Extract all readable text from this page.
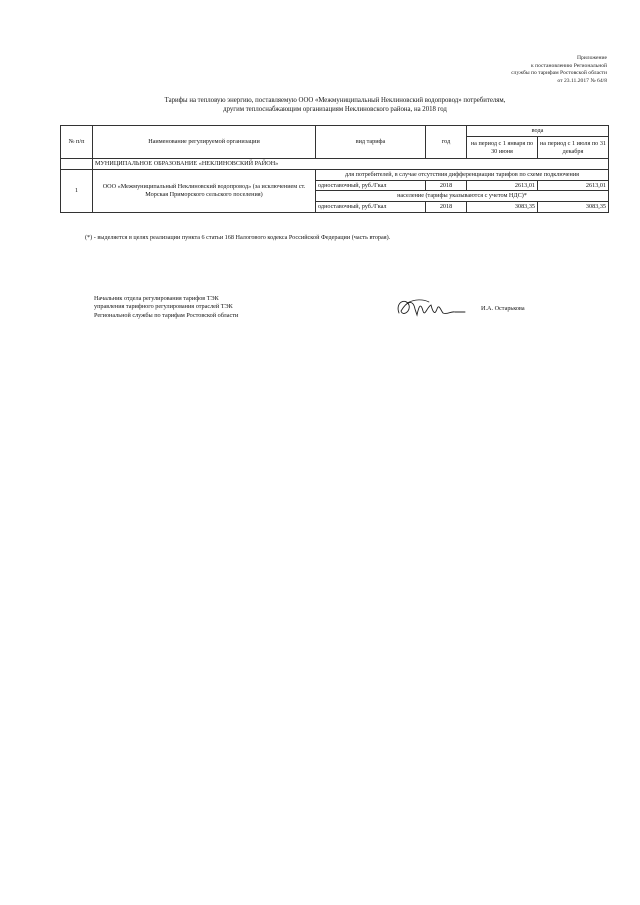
Приложение
к постановлению Региональной
службы по тарифам Ростовской области
от 23.11.2017 № 64/8
Тарифы на тепловую энергию, поставляемую ООО «Межмуниципальный Неклиновский водопровод» потребителям,
другим теплоснабжающим организациям Неклиновского района, на 2018 год
№ п/п	Наименование регулируемой организации	вид тарифа	год	вода	
				на период с 1 января по 30 июня	на период с 1 июля по 31 декабря
	МУНИЦИПАЛЬНОЕ ОБРАЗОВАНИЕ «НЕКЛИНОВСКИЙ РАЙОН»				
1	ООО «Межмуниципальный Неклиновский водопровод» (за исключением ст. Морская Приморского сельского поселения)	для потребителей, в случае отсутствия дифференциации тарифов по схеме подключения			
		одноставочный, руб./Гкал	2018	2613,01	2613,01
		население (тарифы указываются с учетом НДС)*			
		одноставочный, руб./Гкал	2018	3083,35	3083,35
(*) - выделяется в целях реализации пункта 6 статьи 168 Налогового кодекса Российской Федерации (часть вторая).
Начальник отдела регулирования тарифов ТЭК
управления тарифного регулирования отраслей ТЭК
Региональной службы по тарифам Ростовской области
И.А. Остарькова
